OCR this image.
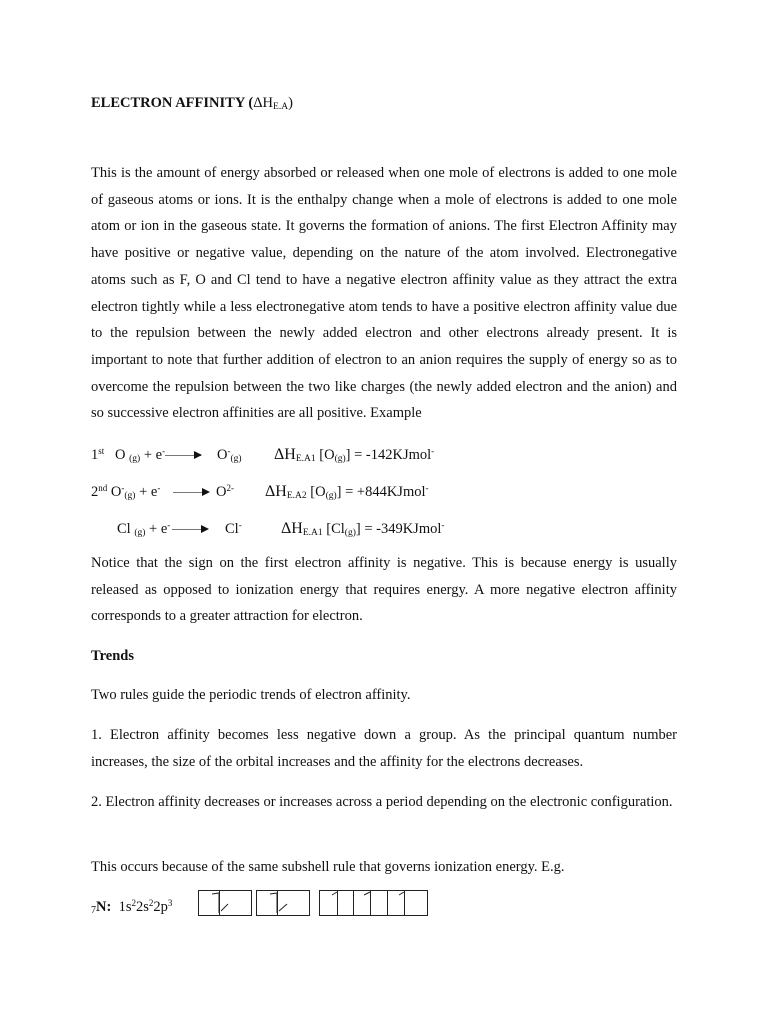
ELECTRON AFFINITY $(\Delta H_{E.A})$

This is the amount of energy absorbed or released when one mole of electrons is added to one mole of gaseous atoms or ions. It is the enthalpy change when a mole of electrons is added to one mole atom or ion in the gaseous state. It governs the formation of anions. The first Electron Affinity may have positive or negative value, depending on the nature of the atom involved. Electronegative atoms such as F, O and Cl tend to have a negative electron affinity value as they attract the extra electron tightly while a less electronegative atom tends to have a positive electron affinity value due to the repulsion between the newly added electron and other electrons already present. It is important to note that further addition of electron to an anion requires the supply of energy so as to overcome the repulsion between the two like charges (the newly added electron and the anion) and so successive electron affinities are all positive. Example

1st O $_{(g)}$ + e-	$O^-_{(g)}$ $\Delta H_{E.A1}$ $[O_{(g)}]$ = -142KJmol-
2nd $O^-_{(g)} + e^-$	$O^{2-}$ $\Delta H_{E.A2}$ $[O_{(g)}]$ = +844KJmol-
Cl $_{(g)}$ + e-	Cl- $\Delta H_{E.A1}$ $[Cl_{(g)}]$ = -349KJmol-

Notice that the sign on the first electron affinity is negative. This is because energy is usually released as opposed to ionization energy that requires energy. A more negative electron affinity corresponds to a greater attraction for electron.

Trends
Two rules guide the periodic trends of electron affinity.

1. Electron affinity becomes less negative down a group. As the principal quantum number increases, the size of the orbital increases and the affinity for the electrons decreases.

2. Electron affinity decreases or increases across a period depending on the electronic configuration.

This occurs because of the same subshell rule that governs ionization energy. E.g.
$_7$N: $1s^22s^22p^3$
